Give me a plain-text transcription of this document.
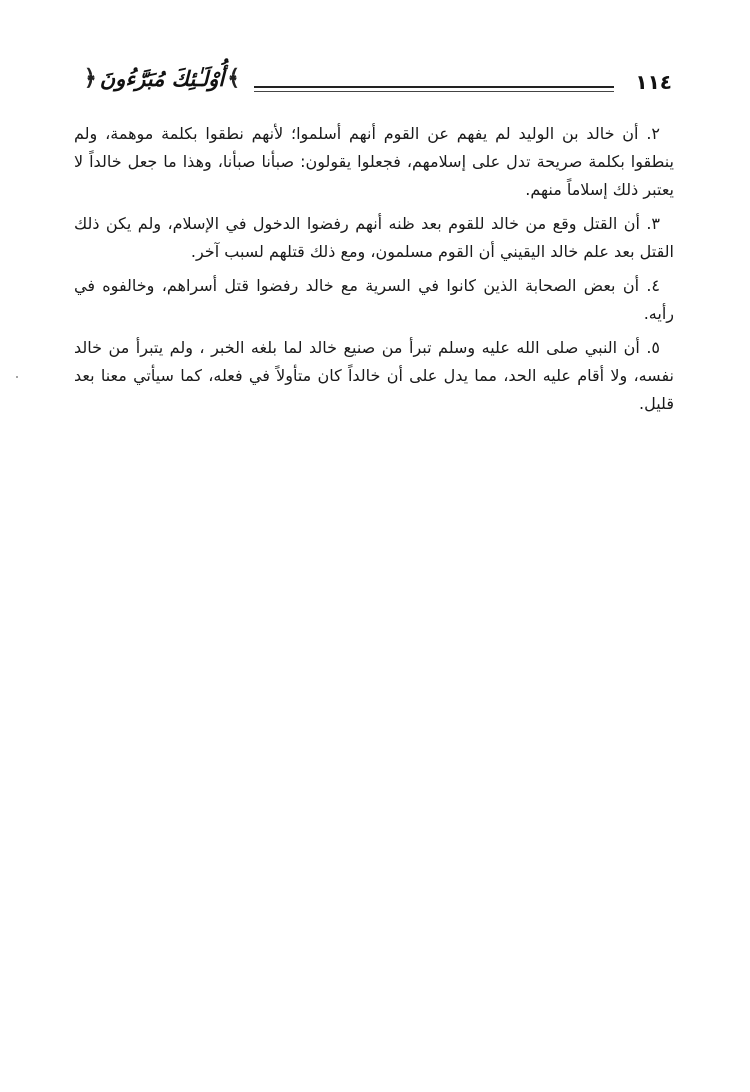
﴾
أُوْلَـٰئِكَ مُبَرَّءُونَ
﴿	١١٤

٢. أن خالد بن الوليد لم يفهم عن القوم أنهم أسلموا؛ لأنهم نطقوا بكلمة موهمة، ولم ينطقوا بكلمة صريحة تدل على إسلامهم، فجعلوا يقولون: صبأنا صبأنا، وهذا ما جعل خالداً لا يعتبر ذلك إسلاماً منهم.

٣. أن القتل وقع من خالد للقوم بعد ظنه أنهم رفضوا الدخول في الإسلام، ولم يكن ذلك القتل بعد علم خالد اليقيني أن القوم مسلمون، ومع ذلك قتلهم لسبب آخر.

٤. أن بعض الصحابة الذين كانوا في السرية مع خالد رفضوا قتل أسراهم، وخالفوه في رأيه.

٥. أن النبي صلى الله عليه وسلم تبرأ من صنيع خالد لما بلغه الخبر ، ولم يتبرأ من خالد نفسه، ولا أقام عليه الحد، مما يدل على أن خالداً كان متأولاً في فعله، كما سيأتي معنا بعد قليل.
